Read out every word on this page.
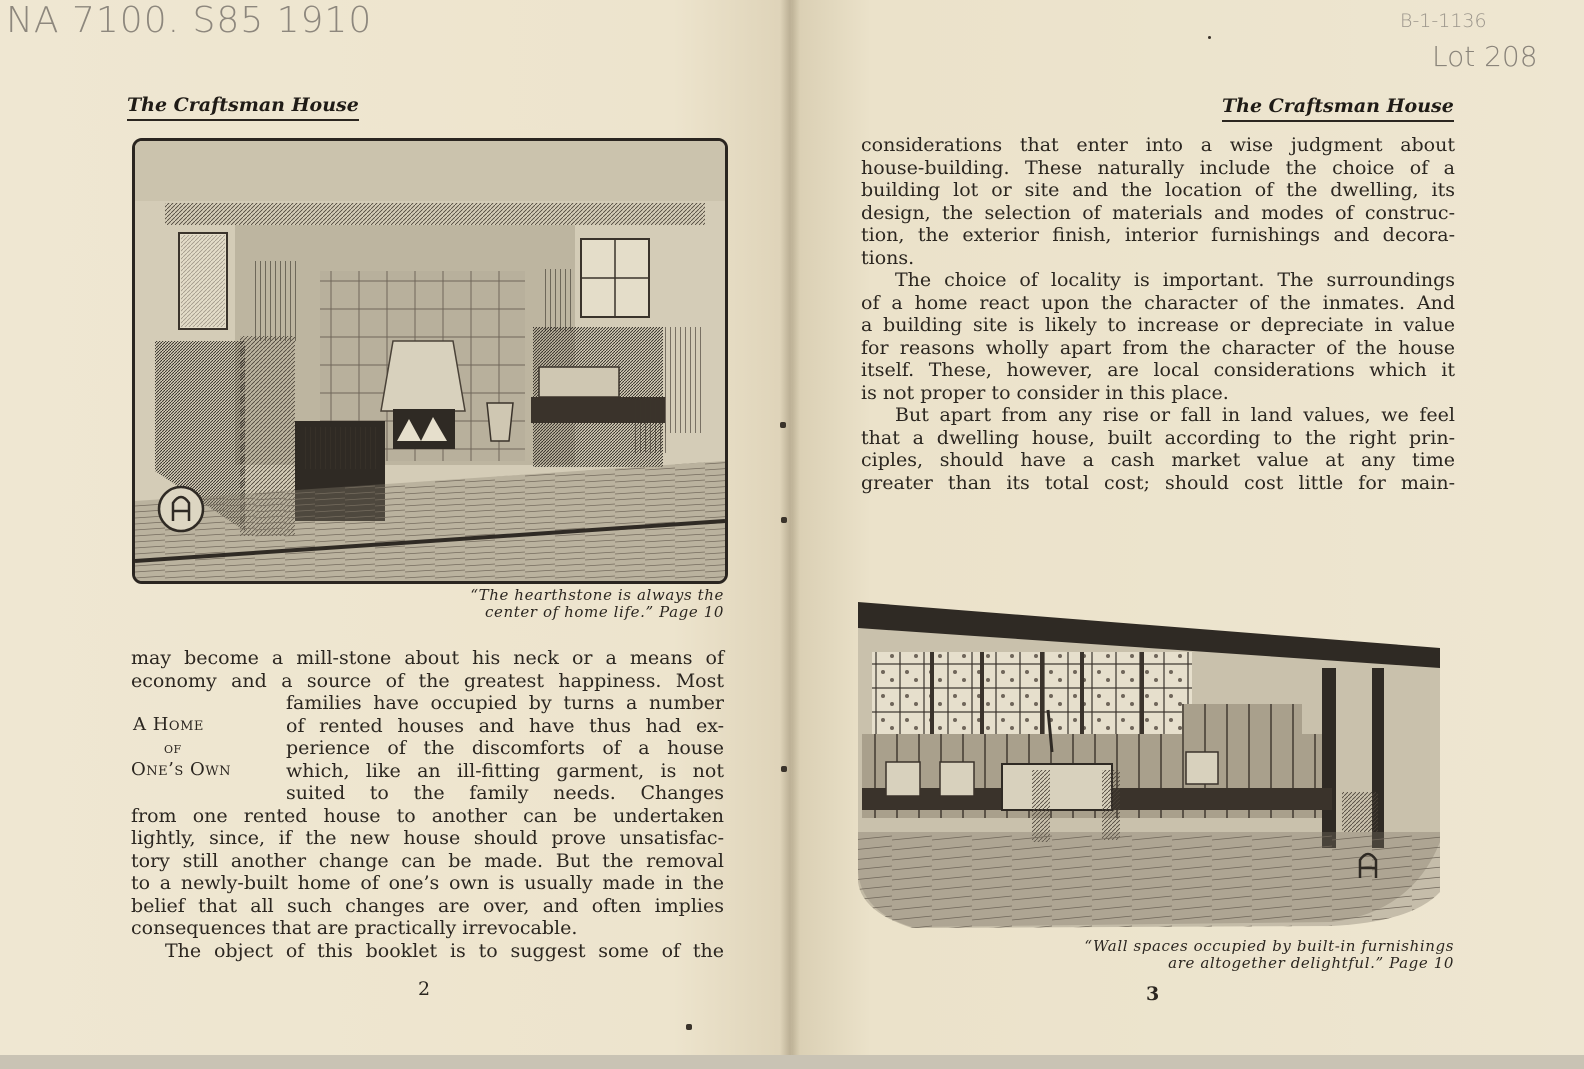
NA 7100. S85 1910
The Craftsman House
“The hearthstone is always the
center of home life.” Page 10

may become a mill-stone about his neck or a means of

economy and a source of the greatest happiness. Most

families have occupied by turns a number

of rented houses and have thus had ex-

perience of the discomforts of a house

which, like an ill-fitting garment, is not

suited to the family needs. Changes

from one rented house to another can be undertaken

lightly, since, if the new house should prove unsatisfac-

tory still another change can be made. But the removal

to a newly-built home of one’s own is usually made in the

belief that all such changes are over, and often implies

consequences that are practically irrevocable.

The object of this booklet is to suggest some of the

A Home
of
One’s Own
2
The Craftsman House

considerations that enter into a wise judgment about

house-building. These naturally include the choice of a

building lot or site and the location of the dwelling, its

design, the selection of materials and modes of construc-

tion, the exterior finish, interior furnishings and decora-

tions.

The choice of locality is important. The surroundings

of a home react upon the character of the inmates. And

a building site is likely to increase or depreciate in value

for reasons wholly apart from the character of the house

itself. These, however, are local considerations which it

is not proper to consider in this place.

But apart from any rise or fall in land values, we feel

that a dwelling house, built according to the right prin-

ciples, should have a cash market value at any time

greater than its total cost; should cost little for main-

“Wall spaces occupied by built-in furnishings
are altogether delightful.” Page 10
3
B-1-1136
Lot 208
